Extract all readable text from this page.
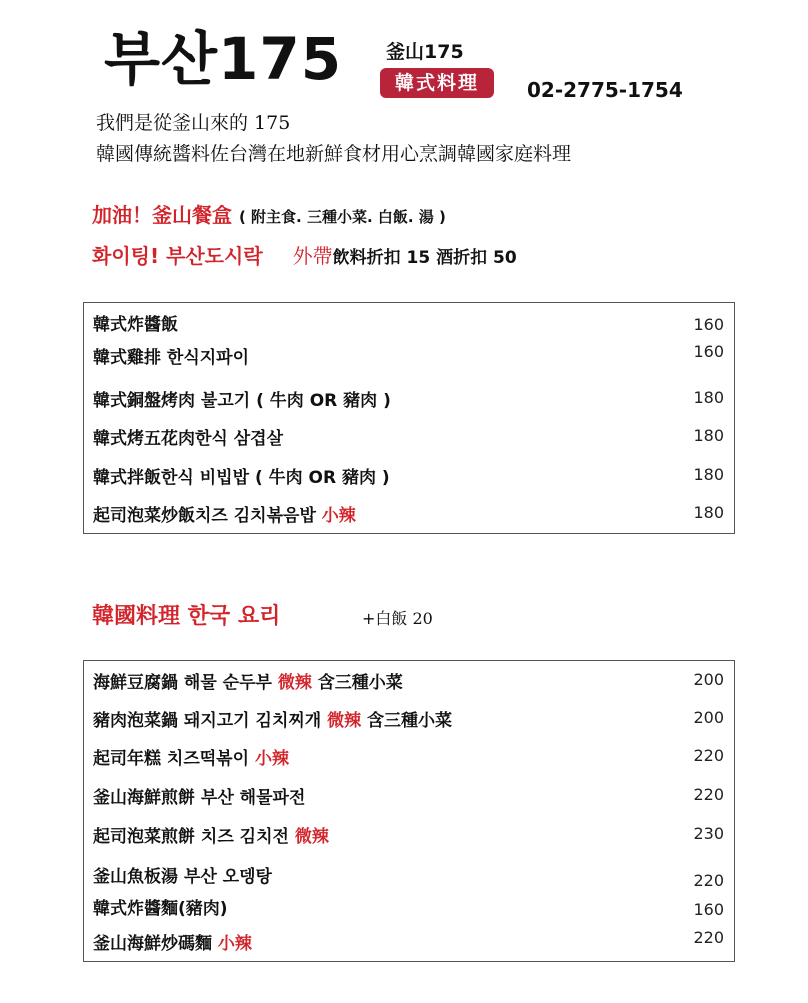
부산175 釜山175
韓式料理	02-2775-1754
我們是從釜山來的 175
韓國傳統醬料佐台灣在地新鮮食材用心烹調韓國家庭料理
加油！釜山餐盒 ( 附主食. 三種小菜. 白飯. 湯 )
화이팅! 부산도시락 外帶飲料折扣 15 酒折扣 50
韓式炸醬飯	160
韓式雞排 한식지파이	160
韓式銅盤烤肉 불고기 ( 牛肉 OR 豬肉 )	180
韓式烤五花肉한식 삼겹살	180
韓式拌飯한식 비빕밥 ( 牛肉 OR 豬肉 )	180
起司泡菜炒飯치즈 김치볶음밥 小辣	180
韓國料理 한국 요리	+白飯 20
海鮮豆腐鍋 해물 순두부 微辣 含三種小菜	200
豬肉泡菜鍋 돼지고기 김치찌개 微辣 含三種小菜	200
起司年糕 치즈떡볶이 小辣	220
釜山海鮮煎餅 부산 해물파전	220
起司泡菜煎餅 치즈 김치전 微辣	230
釜山魚板湯 부산 오뎅탕	220
韓式炸醬麵(豬肉)	160
釜山海鮮炒碼麵 小辣	220
